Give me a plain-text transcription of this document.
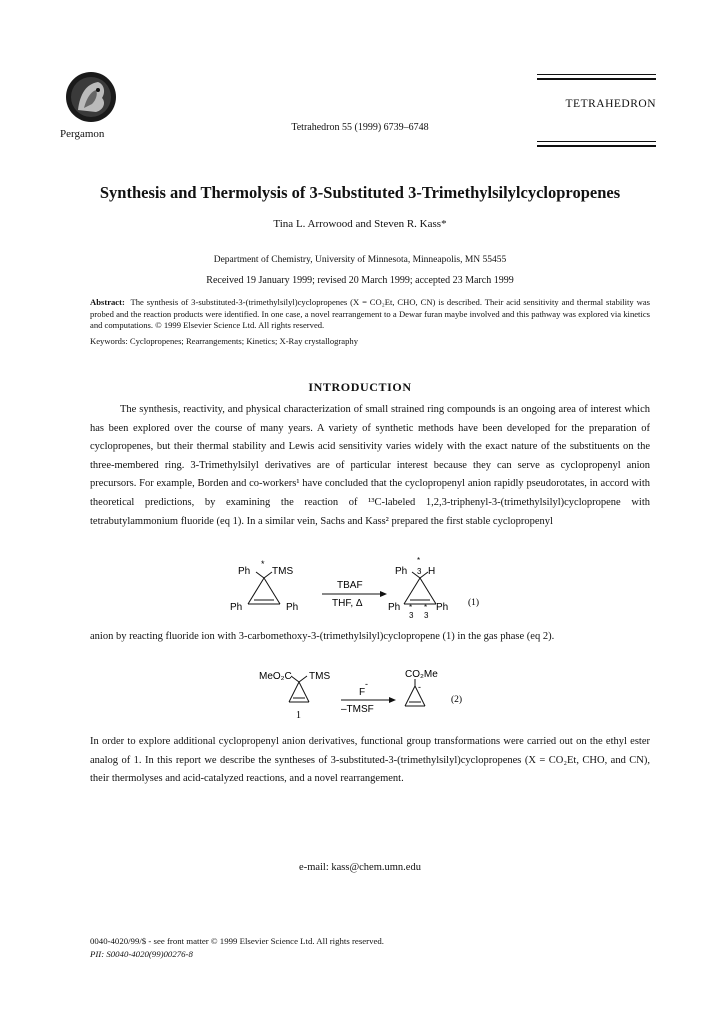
Pergamon
Tetrahedron 55 (1999) 6739–6748
TETRAHEDRON
Synthesis and Thermolysis of 3-Substituted 3-Trimethylsilylcyclopropenes
Tina L. Arrowood and Steven R. Kass*
Department of Chemistry, University of Minnesota, Minneapolis, MN 55455
Received 19 January 1999; revised 20 March 1999; accepted 23 March 1999
Abstract: The synthesis of 3-substituted-3-(trimethylsilyl)cyclopropenes (X = CO₂Et, CHO, CN) is described. Their acid sensitivity and thermal stability was probed and the reaction products were identified. In one case, a novel rearrangement to a Dewar furan maybe involved and this pathway was explored via kinetics and computations. © 1999 Elsevier Science Ltd. All rights reserved.
Keywords: Cyclopropenes; Rearrangements; Kinetics; X-Ray crystallography
INTRODUCTION
The synthesis, reactivity, and physical characterization of small strained ring compounds is an ongoing area of interest which has been explored over the course of many years. A variety of synthetic methods have been developed for the preparation of cyclopropenes, but their thermal stability and Lewis acid sensitivity varies widely with the exact nature of the substituents on the three-membered ring. 3-Trimethylsilyl derivatives are of particular interest because they can serve as cyclopropenyl anion precursors. For example, Borden and co-workers¹ have concluded that the cyclopropenyl anion rapidly pseudorotates, in accord with theoretical predictions, by examining the reaction of ¹³C-labeled 1,2,3-triphenyl-3-(trimethylsilyl)cyclopropene with tetrabutylammonium fluoride (eq 1). In a similar vein, Sachs and Kass² prepared the first stable cyclopropenyl
Ph
*
TMS
Ph	Ph
TBAF
THF, Δ
Ph
*
3 H
Ph *
3
*
3
Ph (1)
anion by reacting fluoride ion with 3-carbomethoxy-3-(trimethylsilyl)cyclopropene (1) in the gas phase (eq 2).
MeO₂C TMS
1
F
-
–TMSF
CO₂Me
-
(2)
In order to explore additional cyclopropenyl anion derivatives, functional group transformations were carried out on the ethyl ester analog of 1. In this report we describe the syntheses of 3-substituted-3-(trimethylsilyl)cyclopropenes (X = CO₂Et, CHO, and CN), their thermolyses and acid-catalyzed reactions, and a novel rearrangement.
e-mail: kass@chem.umn.edu
0040-4020/99/$ - see front matter © 1999 Elsevier Science Ltd. All rights reserved.
PII: S0040-4020(99)00276-8
